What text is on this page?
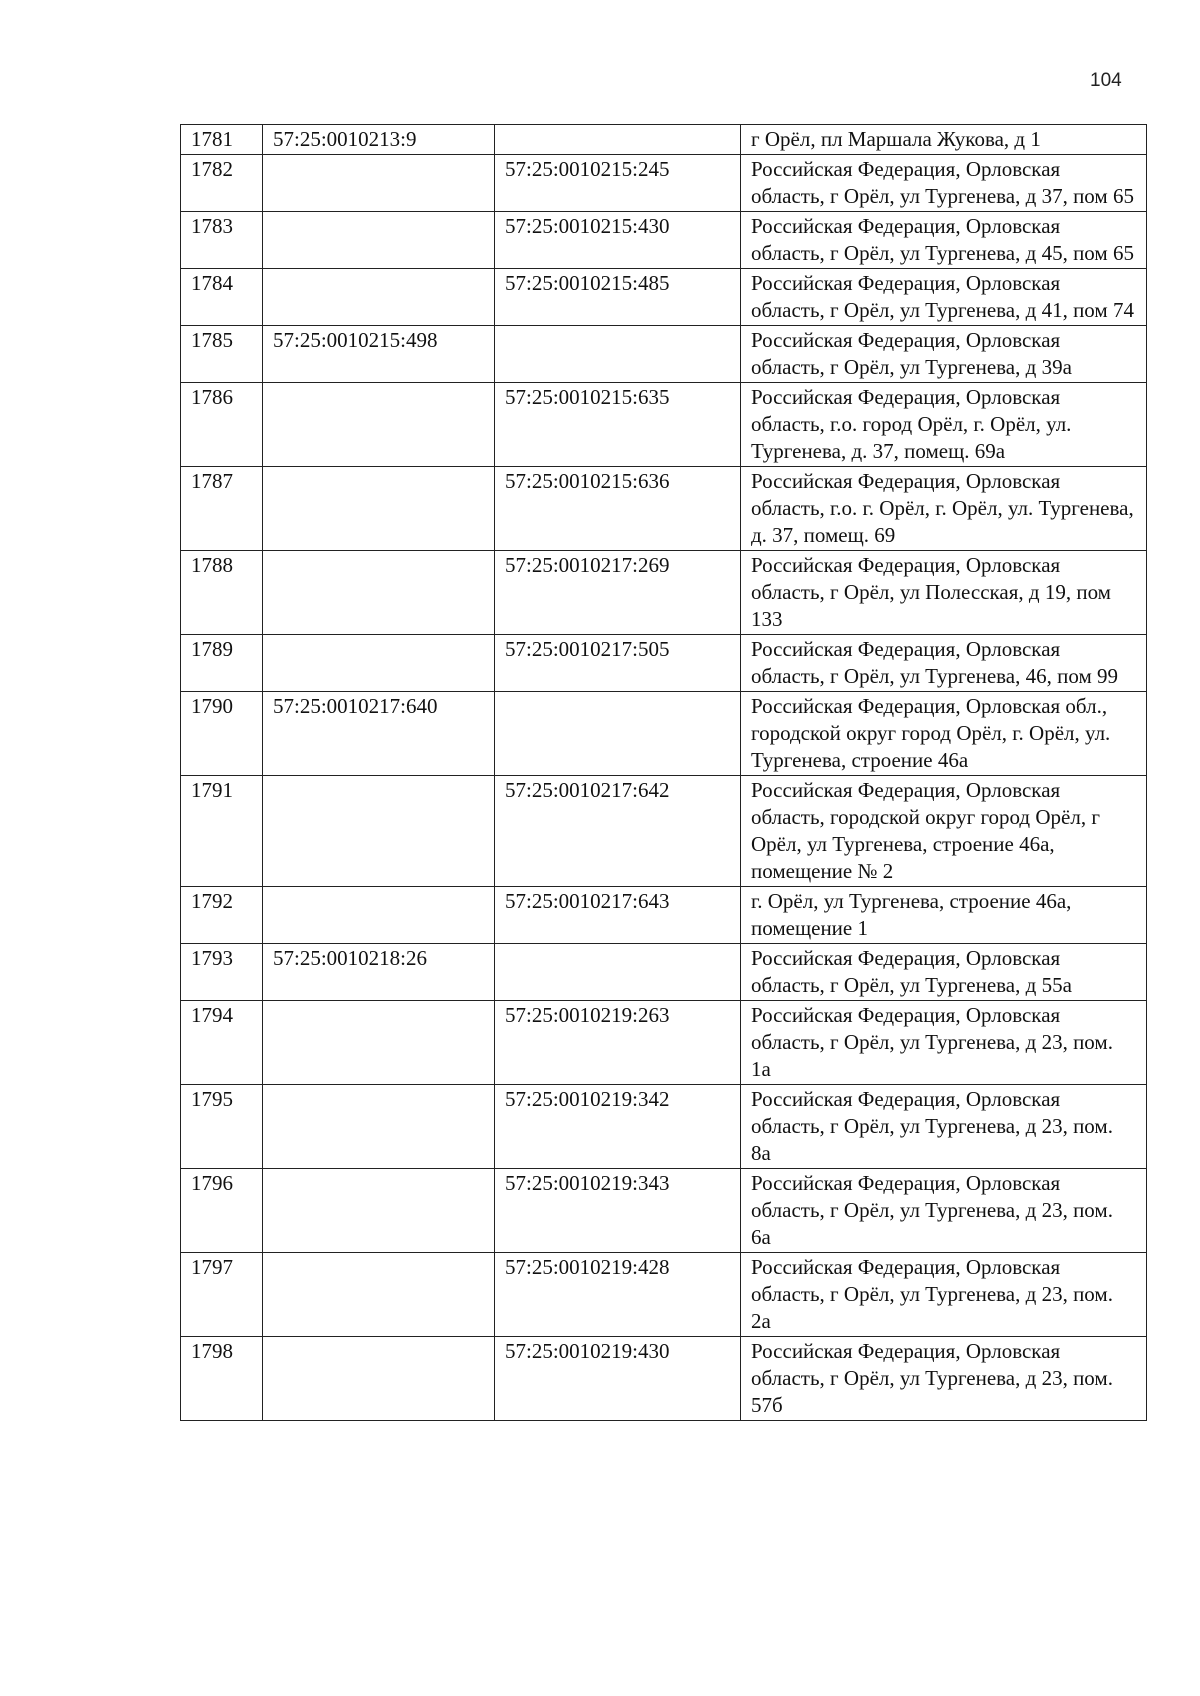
104
1781	57:25:0010213:9		г Орёл, пл Маршала Жукова, д 1
1782		57:25:0010215:245	Российская Федерация, Орловская область, г Орёл, ул Тургенева, д 37, пом 65
1783		57:25:0010215:430	Российская Федерация, Орловская область, г Орёл, ул Тургенева, д 45, пом 65
1784		57:25:0010215:485	Российская Федерация, Орловская область, г Орёл, ул Тургенева, д 41, пом 74
1785	57:25:0010215:498		Российская Федерация, Орловская область, г Орёл, ул Тургенева, д 39а
1786		57:25:0010215:635	Российская Федерация, Орловская область, г.о. город Орёл, г. Орёл, ул. Тургенева, д. 37, помещ. 69а
1787		57:25:0010215:636	Российская Федерация, Орловская область, г.о. г. Орёл, г. Орёл, ул. Тургенева, д. 37, помещ. 69
1788		57:25:0010217:269	Российская Федерация, Орловская область, г Орёл, ул Полесская, д 19, пом 133
1789		57:25:0010217:505	Российская Федерация, Орловская область, г Орёл, ул Тургенева, 46, пом 99
1790	57:25:0010217:640		Российская Федерация, Орловская обл., городской округ город Орёл, г. Орёл, ул. Тургенева, строение 46а
1791		57:25:0010217:642	Российская Федерация, Орловская область, городской округ город Орёл, г Орёл, ул Тургенева, строение 46а, помещение № 2
1792		57:25:0010217:643	г. Орёл, ул Тургенева, строение 46а, помещение 1
1793	57:25:0010218:26		Российская Федерация, Орловская область, г Орёл, ул Тургенева, д 55а
1794		57:25:0010219:263	Российская Федерация, Орловская область, г Орёл, ул Тургенева, д 23, пом. 1а
1795		57:25:0010219:342	Российская Федерация, Орловская область, г Орёл, ул Тургенева, д 23, пом. 8а
1796		57:25:0010219:343	Российская Федерация, Орловская область, г Орёл, ул Тургенева, д 23, пом. 6а
1797		57:25:0010219:428	Российская Федерация, Орловская область, г Орёл, ул Тургенева, д 23, пом. 2а
1798		57:25:0010219:430	Российская Федерация, Орловская область, г Орёл, ул Тургенева, д 23, пом. 57б
